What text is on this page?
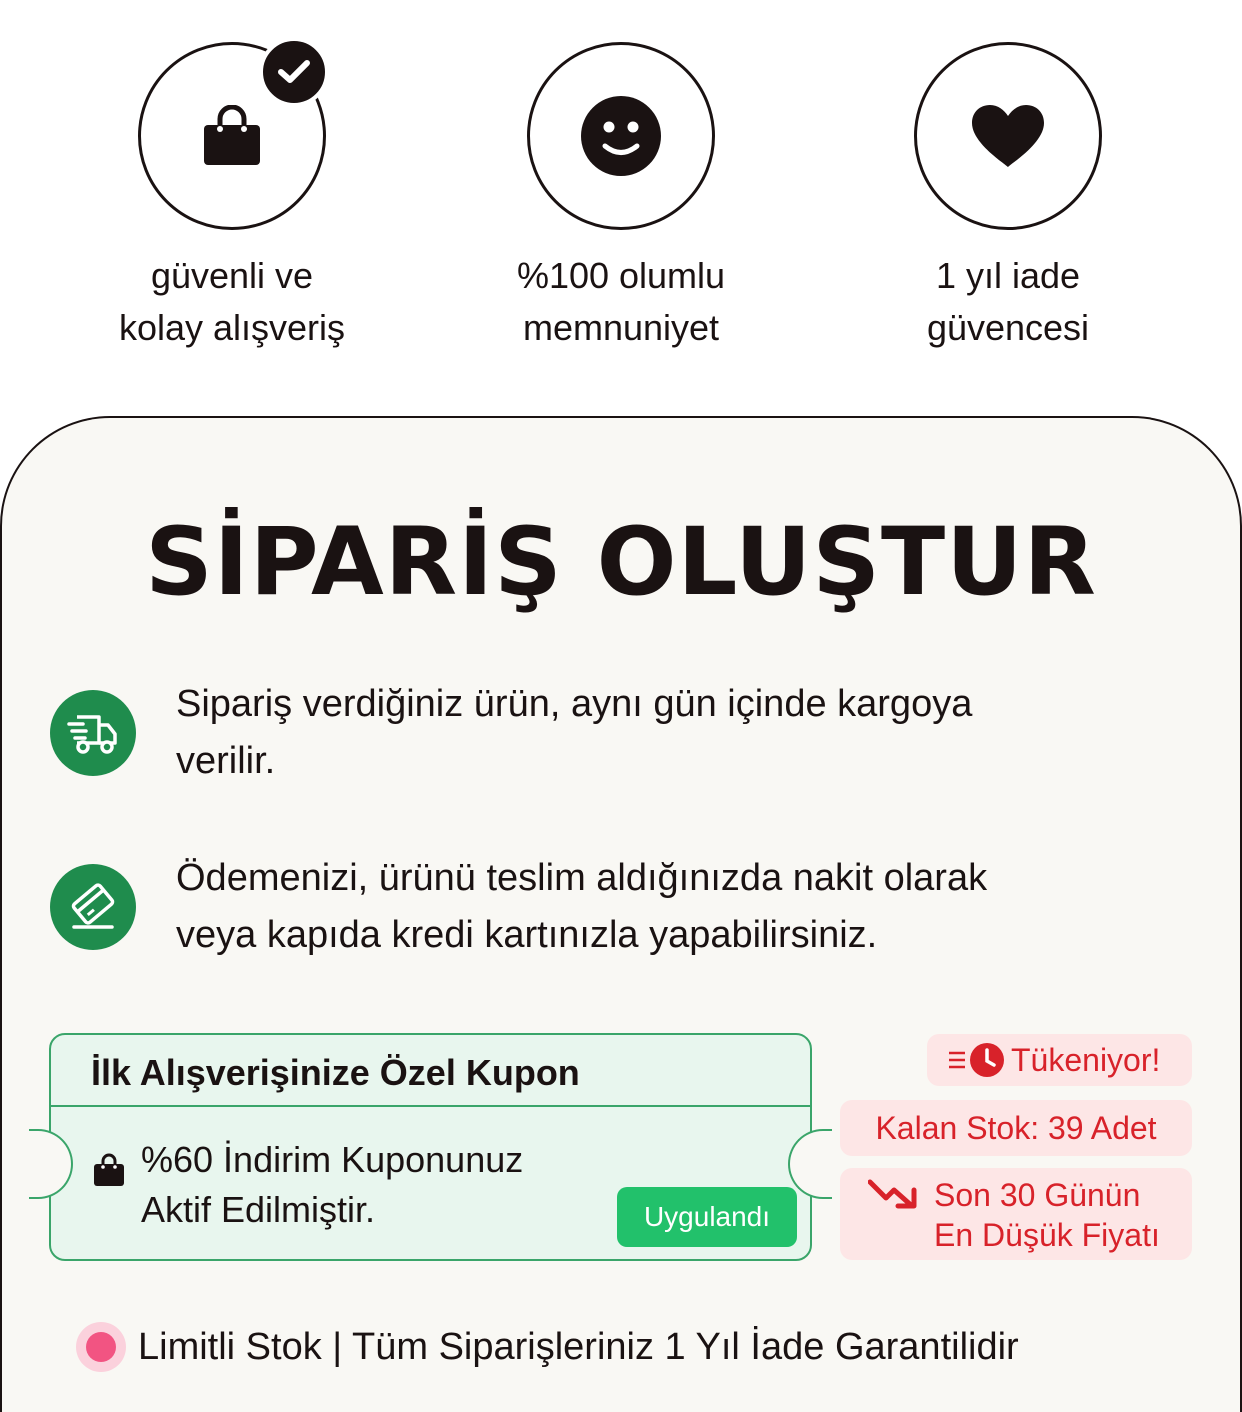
güvenli ve
kolay alışveriş
%100 olumlu
memnuniyet
1 yıl iade
güvencesi
SİPARİŞ OLUŞTUR
Sipariş verdiğiniz ürün, aynı gün içinde kargoya
verilir.
Ödemenizi, ürünü teslim aldığınızda nakit olarak
veya kapıda kredi kartınızla yapabilirsiniz.
İlk Alışverişinize Özel Kupon
%60 İndirim Kuponunuz
Aktif Edilmiştir.	Uygulandı
Tükeniyor!
Kalan Stok: 39 Adet
Son 30 Günün
En Düşük Fiyatı
Limitli Stok | Tüm Siparişleriniz 1 Yıl İade Garantilidir
